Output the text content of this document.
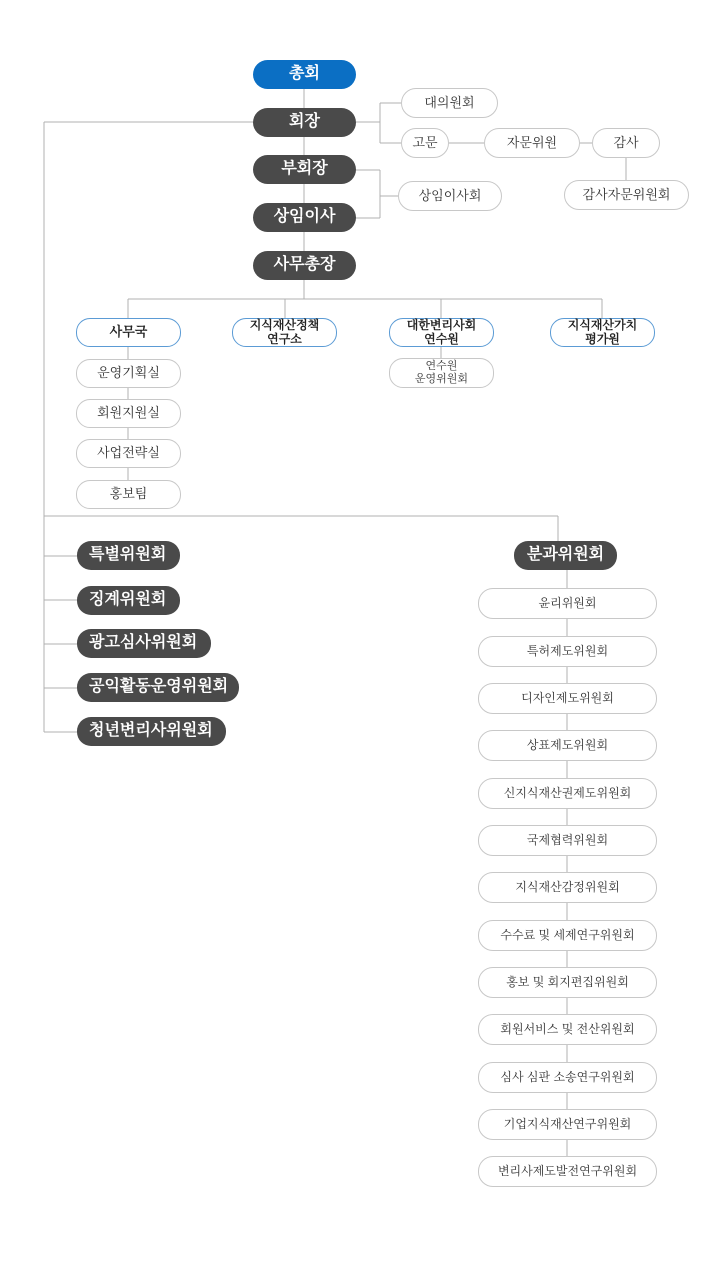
총회
회장
부회장
상임이사
사무총장
대의원회
고문	자문위원	감사
감사자문위원회
상임이사회
사무국	지식재산정책
연구소
대한변리사회
연수원
지식재산가치
평가원
연수원
운영위원회
운영기획실
회원지원실
사업전략실
홍보팀
특별위원회
징계위원회
광고심사위원회
공익활동운영위원회
청년변리사위원회
분과위원회
윤리위원회
특허제도위원회
디자인제도위원회
상표제도위원회
신지식재산권제도위원회
국제협력위원회
지식재산감정위원회
수수료 및 세제연구위원회
홍보 및 회지편집위원회
회원서비스 및 전산위원회
심사 심판 소송연구위원회
기업지식재산연구위원회
변리사제도발전연구위원회
